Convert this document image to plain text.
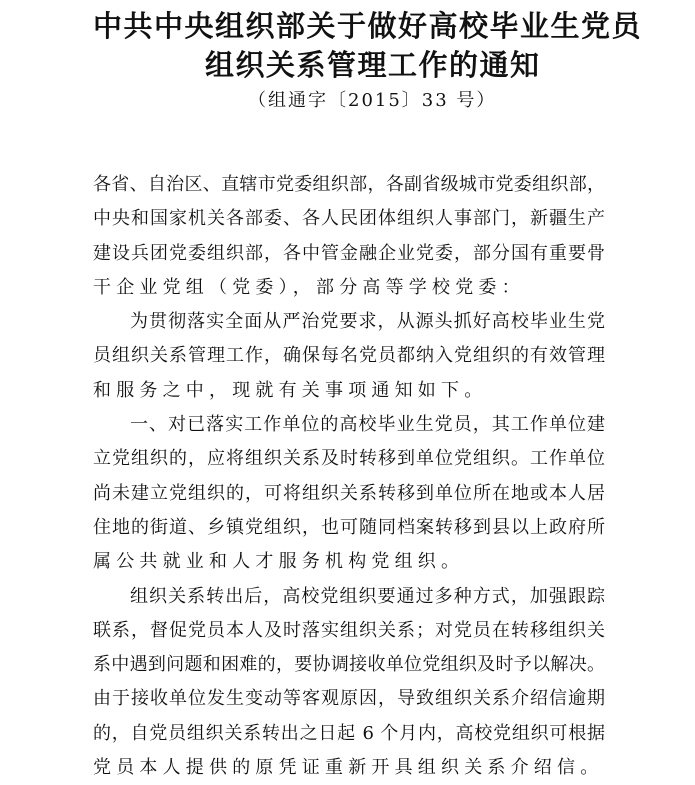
中共中央组织部关于做好高校毕业生党员
组织关系管理工作的通知
（组通字〔2015〕33 号）
各省、自治区、直辖市党委组织部，各副省级城市党委组织部，
中央和国家机关各部委、各人民团体组织人事部门，新疆生产
建设兵团党委组织部，各中管金融企业党委，部分国有重要骨
干企业党组（党委），部分高等学校党委：
为贯彻落实全面从严治党要求，从源头抓好高校毕业生党
员组织关系管理工作，确保每名党员都纳入党组织的有效管理
和服务之中，现就有关事项通知如下。
一、对已落实工作单位的高校毕业生党员，其工作单位建
立党组织的，应将组织关系及时转移到单位党组织。工作单位
尚未建立党组织的，可将组织关系转移到单位所在地或本人居
住地的街道、乡镇党组织，也可随同档案转移到县以上政府所
属公共就业和人才服务机构党组织。
组织关系转出后，高校党组织要通过多种方式，加强跟踪
联系，督促党员本人及时落实组织关系；对党员在转移组织关
系中遇到问题和困难的，要协调接收单位党组织及时予以解决。
由于接收单位发生变动等客观原因，导致组织关系介绍信逾期
的，自党员组织关系转出之日起 6 个月内，高校党组织可根据
党员本人提供的原凭证重新开具组织关系介绍信。
